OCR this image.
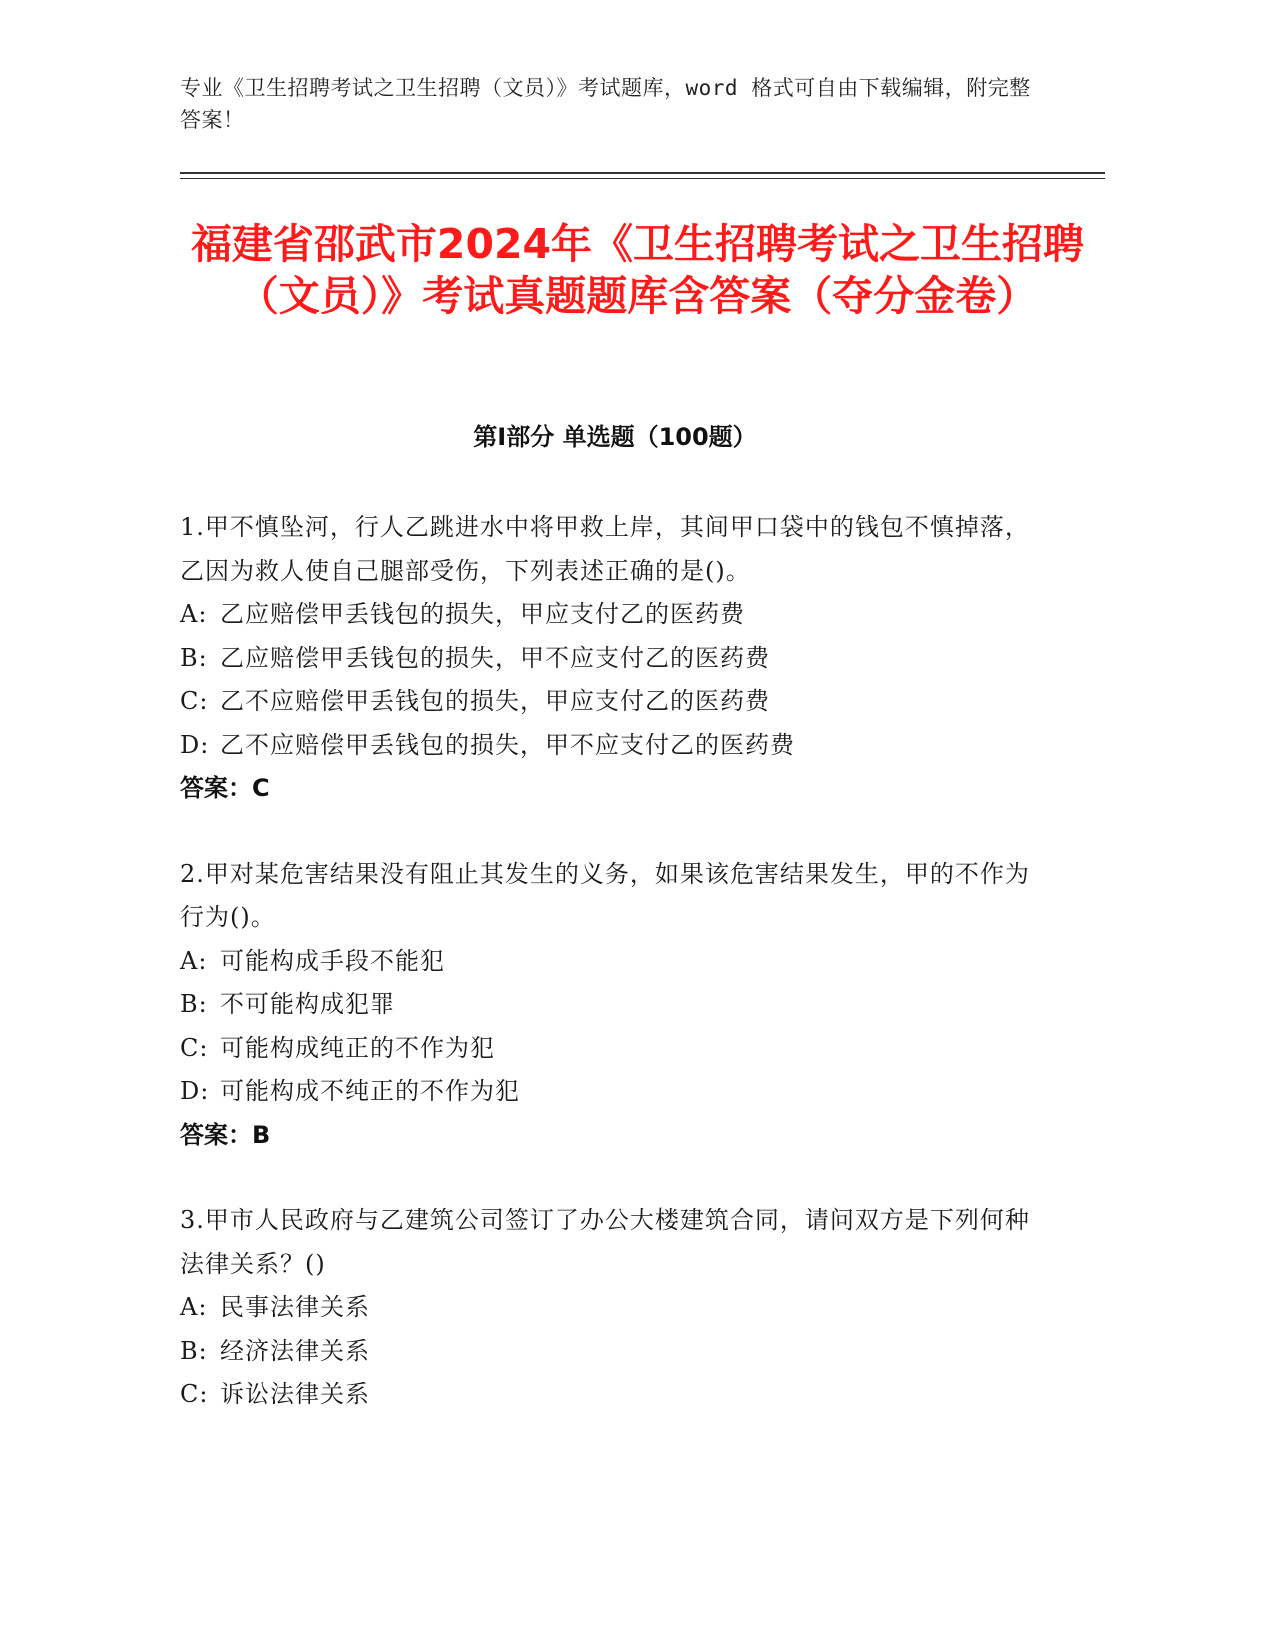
专业《卫生招聘考试之卫生招聘（文员）》考试题库，word 格式可自由下载编辑，附完整答案！
福建省邵武市2024年《卫生招聘考试之卫生招聘（文员）》考试真题题库含答案（夺分金卷）
第Ⅰ部分 单选题（100题）
1.甲不慎坠河，行人乙跳进水中将甲救上岸，其间甲口袋中的钱包不慎掉落，乙因为救人使自己腿部受伤，下列表述正确的是()。
A: 乙应赔偿甲丢钱包的损失，甲应支付乙的医药费
B: 乙应赔偿甲丢钱包的损失，甲不应支付乙的医药费
C: 乙不应赔偿甲丢钱包的损失，甲应支付乙的医药费
D: 乙不应赔偿甲丢钱包的损失，甲不应支付乙的医药费
答案：C
2.甲对某危害结果没有阻止其发生的义务，如果该危害结果发生，甲的不作为行为()。
A: 可能构成手段不能犯
B: 不可能构成犯罪
C: 可能构成纯正的不作为犯
D: 可能构成不纯正的不作为犯
答案：B
3.甲市人民政府与乙建筑公司签订了办公大楼建筑合同，请问双方是下列何种法律关系？()
A: 民事法律关系
B: 经济法律关系
C: 诉讼法律关系
